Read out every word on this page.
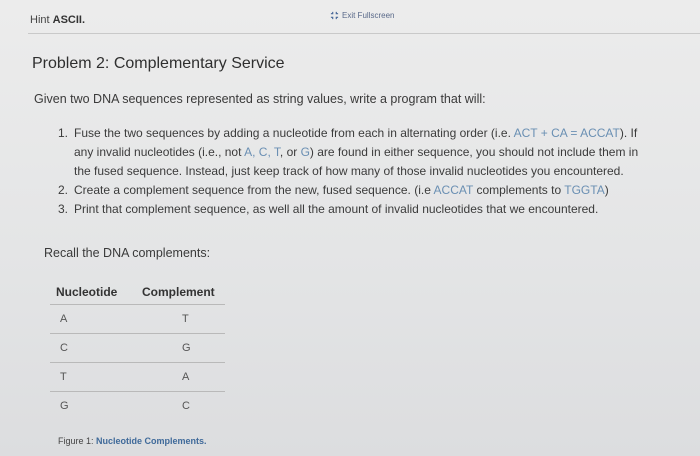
Hint ASCII.	Exit Fullscreen
Problem 2: Complementary Service
Given two DNA sequences represented as string values, write a program that will:
1. Fuse the two sequences by adding a nucleotide from each in alternating order (i.e. ACT + CA = ACCAT). If any invalid nucleotides (i.e., not A, C, T, or G) are found in either sequence, you should not include them in the fused sequence. Instead, just keep track of how many of those invalid nucleotides you encountered.
2. Create a complement sequence from the new, fused sequence. (i.e ACCAT complements to TGGTA)
3. Print that complement sequence, as well all the amount of invalid nucleotides that we encountered.
Recall the DNA complements:
Nucleotide	Complement
A	T
C	G
T	A
G	C
Figure 1: Nucleotide Complements.
